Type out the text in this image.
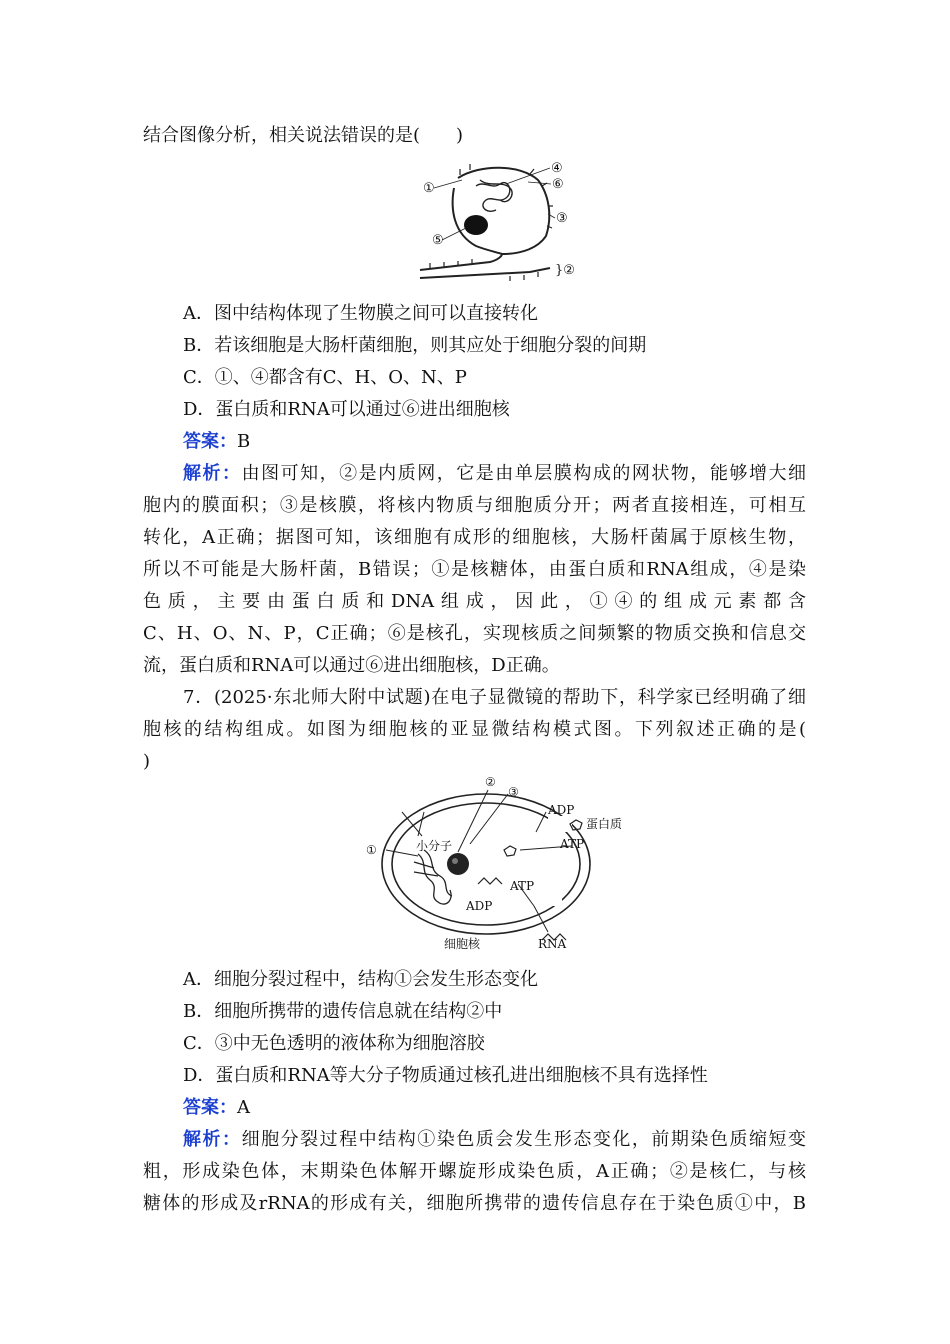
结合图像分析，相关说法错误的是(　　)
①
⑤
④
⑥
③
}②
A．图中结构体现了生物膜之间可以直接转化
B．若该细胞是大肠杆菌细胞，则其应处于细胞分裂的间期
C．①、④都含有C、H、O、N、P
D．蛋白质和RNA可以通过⑥进出细胞核
答案：B
解析：由图可知，②是内质网，它是由单层膜构成的网状物，能够增大细
胞内的膜面积；③是核膜，将核内物质与细胞质分开；两者直接相连，可相互
转化，A正确；据图可知，该细胞有成形的细胞核，大肠杆菌属于原核生物，
所以不可能是大肠杆菌，B错误；①是核糖体，由蛋白质和RNA组成，④是染
色质，主要由蛋白质和DNA组成，因此，①④的组成元素都含
C、H、O、N、P，C正确；⑥是核孔，实现核质之间频繁的物质交换和信息交
流，蛋白质和RNA可以通过⑥进出细胞核，D正确。
7．(2025·东北师大附中试题)在电子显微镜的帮助下，科学家已经明确了细
胞核的结构组成。如图为细胞核的亚显微结构模式图。下列叙述正确的是(
)
②
③
①
ADP
蛋白质
ATP
小分子
ATP
ADP
RNA
细胞核
A．细胞分裂过程中，结构①会发生形态变化
B．细胞所携带的遗传信息就在结构②中
C．③中无色透明的液体称为细胞溶胶
D．蛋白质和RNA等大分子物质通过核孔进出细胞核不具有选择性
答案：A
解析：细胞分裂过程中结构①染色质会发生形态变化，前期染色质缩短变
粗，形成染色体，末期染色体解开螺旋形成染色质，A正确；②是核仁，与核
糖体的形成及rRNA的形成有关，细胞所携带的遗传信息存在于染色质①中，B
